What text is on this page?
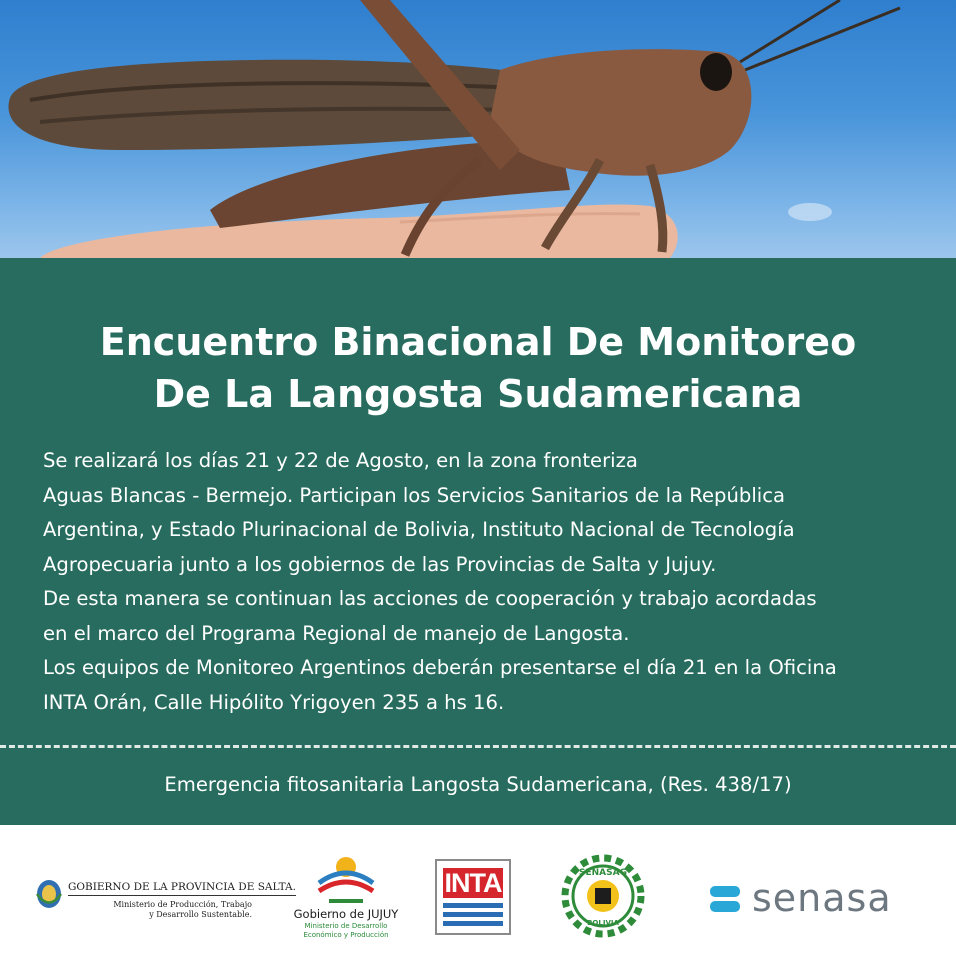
Encuentro Binacional De Monitoreo
De La Langosta Sudamericana
Se realizará los días 21 y 22 de Agosto, en la zona fronteriza
Aguas Blancas - Bermejo. Participan los Servicios Sanitarios de la República
Argentina, y Estado Plurinacional de Bolivia, Instituto Nacional de Tecnología
Agropecuaria junto a los gobiernos de las Provincias de Salta y Jujuy.
De esta manera se continuan las acciones de cooperación y trabajo acordadas
en el marco del Programa Regional de manejo de Langosta.
Los equipos de Monitoreo Argentinos deberán presentarse el día 21 en la Oficina
INTA Orán, Calle Hipólito Yrigoyen 235 a hs 16.
Emergencia fitosanitaria Langosta Sudamericana, (Res. 438/17)
GOBIERNO DE LA PROVINCIA DE SALTA.
Ministerio de Producción, Trabajo
y Desarrollo Sustentable.	Gobierno de JUJUY
Ministerio de Desarrollo
Económico y Producción
INTA	SENASAG
BOLIVIA
senasa
